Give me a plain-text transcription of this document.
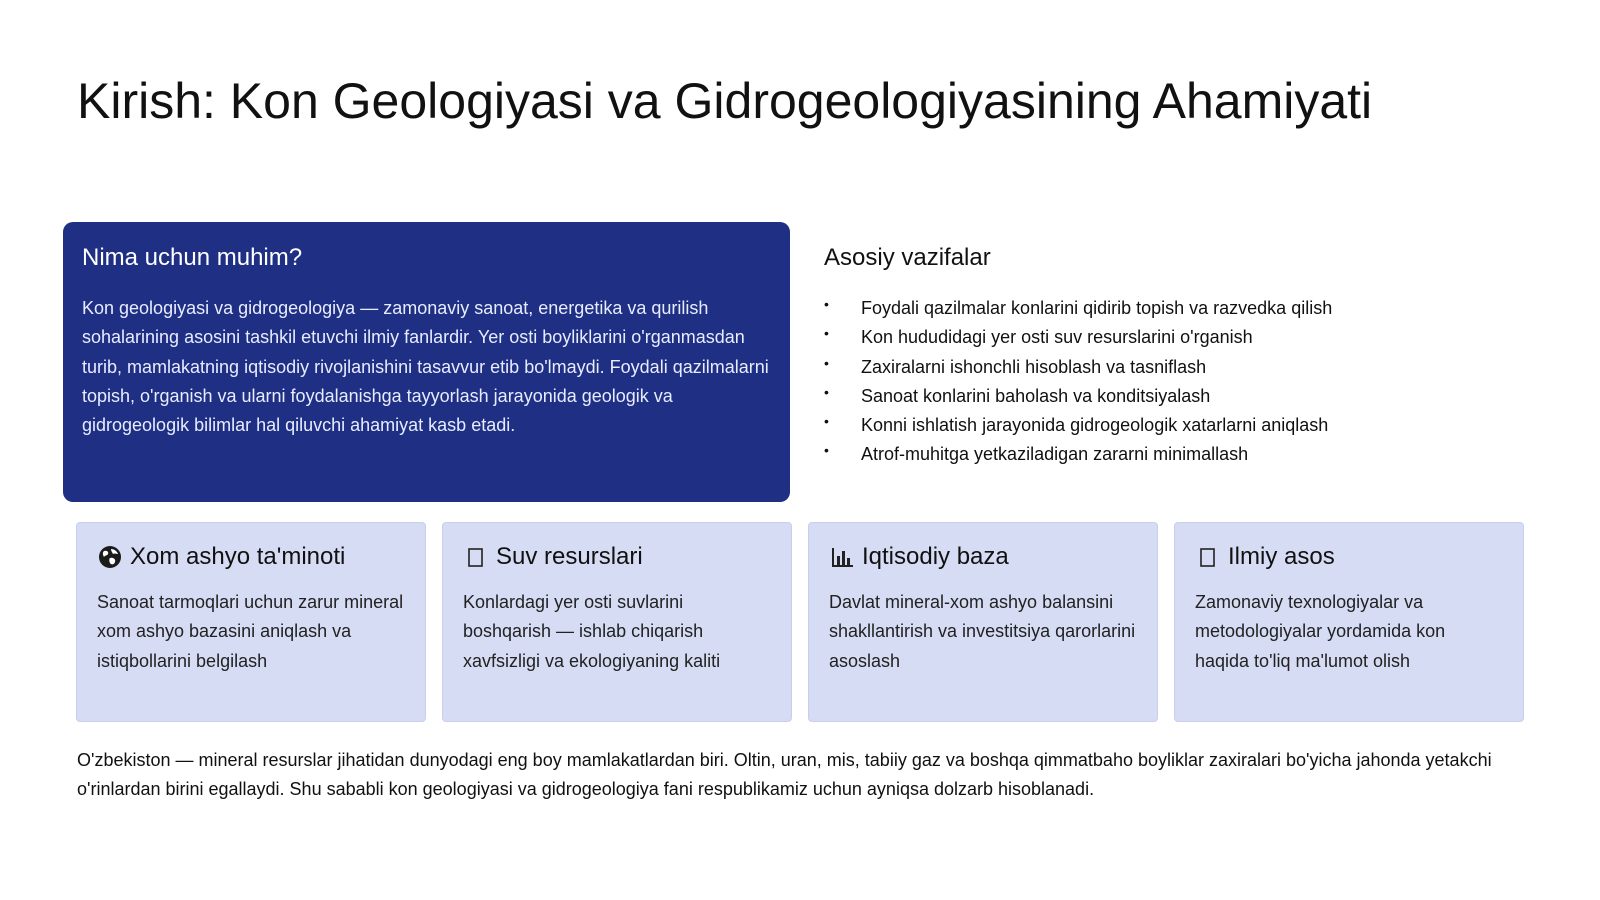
Kirish: Kon Geologiyasi va Gidrogeologiyasining Ahamiyati
Nima uchun muhim?

Kon geologiyasi va gidrogeologiya — zamonaviy sanoat, energetika va qurilish sohalarining asosini tashkil etuvchi ilmiy fanlardir. Yer osti boyliklarini o'rganmasdan turib, mamlakatning iqtisodiy rivojlanishini tasavvur etib bo'lmaydi. Foydali qazilmalarni topish, o'rganish va ularni foydalanishga tayyorlash jarayonida geologik va gidrogeologik bilimlar hal qiluvchi ahamiyat kasb etadi.

Asosiy vazifalar
• Foydali qazilmalar konlarini qidirib topish va razvedka qilish
• Kon hududidagi yer osti suv resurslarini o'rganish
• Zaxiralarni ishonchli hisoblash va tasniflash
• Sanoat konlarini baholash va konditsiyalash
• Konni ishlatish jarayonida gidrogeologik xatarlarni aniqlash
• Atrof-muhitga yetkaziladigan zararni minimallash
Xom ashyo ta'minoti

Sanoat tarmoqlari uchun zarur mineral xom ashyo bazasini aniqlash va istiqbollarini belgilash

Suv resurslari

Konlardagi yer osti suvlarini boshqarish — ishlab chiqarish xavfsizligi va ekologiyaning kaliti

Iqtisodiy baza

Davlat mineral-xom ashyo balansini shakllantirish va investitsiya qarorlarini asoslash

Ilmiy asos

Zamonaviy texnologiyalar va metodologiyalar yordamida kon haqida to'liq ma'lumot olish

O'zbekiston — mineral resurslar jihatidan dunyodagi eng boy mamlakatlardan biri. Oltin, uran, mis, tabiiy gaz va boshqa qimmatbaho boyliklar zaxiralari bo'yicha jahonda yetakchi o'rinlardan birini egallaydi. Shu sababli kon geologiyasi va gidrogeologiya fani respublikamiz uchun ayniqsa dolzarb hisoblanadi.
